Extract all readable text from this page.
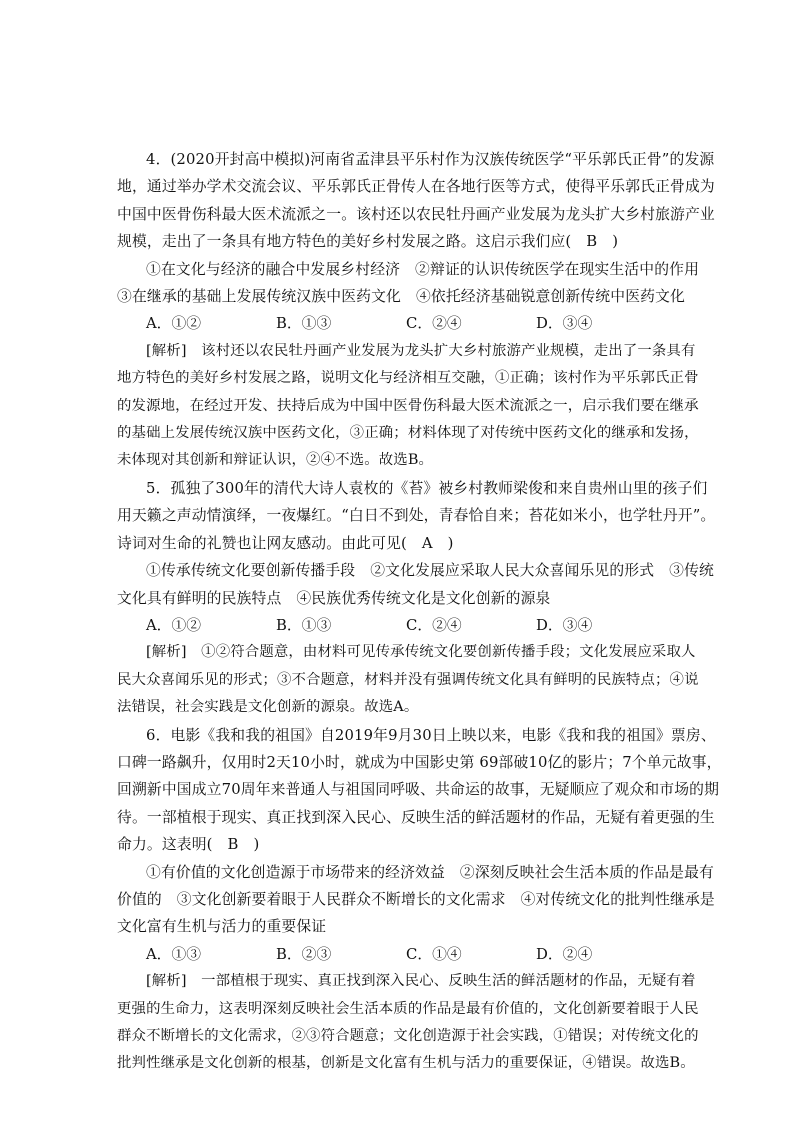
4．(2020开封高中模拟)河南省孟津县平乐村作为汉族传统医学“平乐郭氏正骨”的发源
地，通过举办学术交流会议、平乐郭氏正骨传人在各地行医等方式，使得平乐郭氏正骨成为
中国中医骨伤科最大医术流派之一。该村还以农民牡丹画产业发展为龙头扩大乡村旅游产业
规模，走出了一条具有地方特色的美好乡村发展之路。这启示我们应(　B　)
①在文化与经济的融合中发展乡村经济　②辩证的认识传统医学在现实生活中的作用
③在继承的基础上发展传统汉族中医药文化　④依托经济基础锐意创新传统中医药文化
A．①②	B．①③	C．②④	D．③④
[解析]　该村还以农民牡丹画产业发展为龙头扩大乡村旅游产业规模，走出了一条具有
地方特色的美好乡村发展之路，说明文化与经济相互交融，①正确；该村作为平乐郭氏正骨
的发源地，在经过开发、扶持后成为中国中医骨伤科最大医术流派之一，启示我们要在继承
的基础上发展传统汉族中医药文化，③正确；材料体现了对传统中医药文化的继承和发扬，
未体现对其创新和辩证认识，②④不选。故选B。
5．孤独了300年的清代大诗人袁枚的《苔》被乡村教师梁俊和来自贵州山里的孩子们
用天籁之声动情演绎，一夜爆红。“白日不到处，青春恰自来；苔花如米小，也学牡丹开”。
诗词对生命的礼赞也让网友感动。由此可见(　A　)
①传承传统文化要创新传播手段　②文化发展应采取人民大众喜闻乐见的形式　③传统
文化具有鲜明的民族特点　④民族优秀传统文化是文化创新的源泉
A．①②	B．①③	C．②④	D．③④
[解析]　①②符合题意，由材料可见传承传统文化要创新传播手段；文化发展应采取人
民大众喜闻乐见的形式；③不合题意，材料并没有强调传统文化具有鲜明的民族特点；④说
法错误，社会实践是文化创新的源泉。故选A。
6．电影《我和我的祖国》自2019年9月30日上映以来，电影《我和我的祖国》票房、
口碑一路飙升，仅用时2天10小时，就成为中国影史第 69部破10亿的影片；7个单元故事，
回溯新中国成立70周年来普通人与祖国同呼吸、共命运的故事，无疑顺应了观众和市场的期
待。一部植根于现实、真正找到深入民心、反映生活的鲜活题材的作品，无疑有着更强的生
命力。这表明(　B　)
①有价值的文化创造源于市场带来的经济效益　②深刻反映社会生活本质的作品是最有
价值的　③文化创新要着眼于人民群众不断增长的文化需求　④对传统文化的批判性继承是
文化富有生机与活力的重要保证
A．①③	B．②③	C．①④	D．②④
[解析]　一部植根于现实、真正找到深入民心、反映生活的鲜活题材的作品，无疑有着
更强的生命力，这表明深刻反映社会生活本质的作品是最有价值的，文化创新要着眼于人民
群众不断增长的文化需求，②③符合题意；文化创造源于社会实践，①错误；对传统文化的
批判性继承是文化创新的根基，创新是文化富有生机与活力的重要保证，④错误。故选B。
